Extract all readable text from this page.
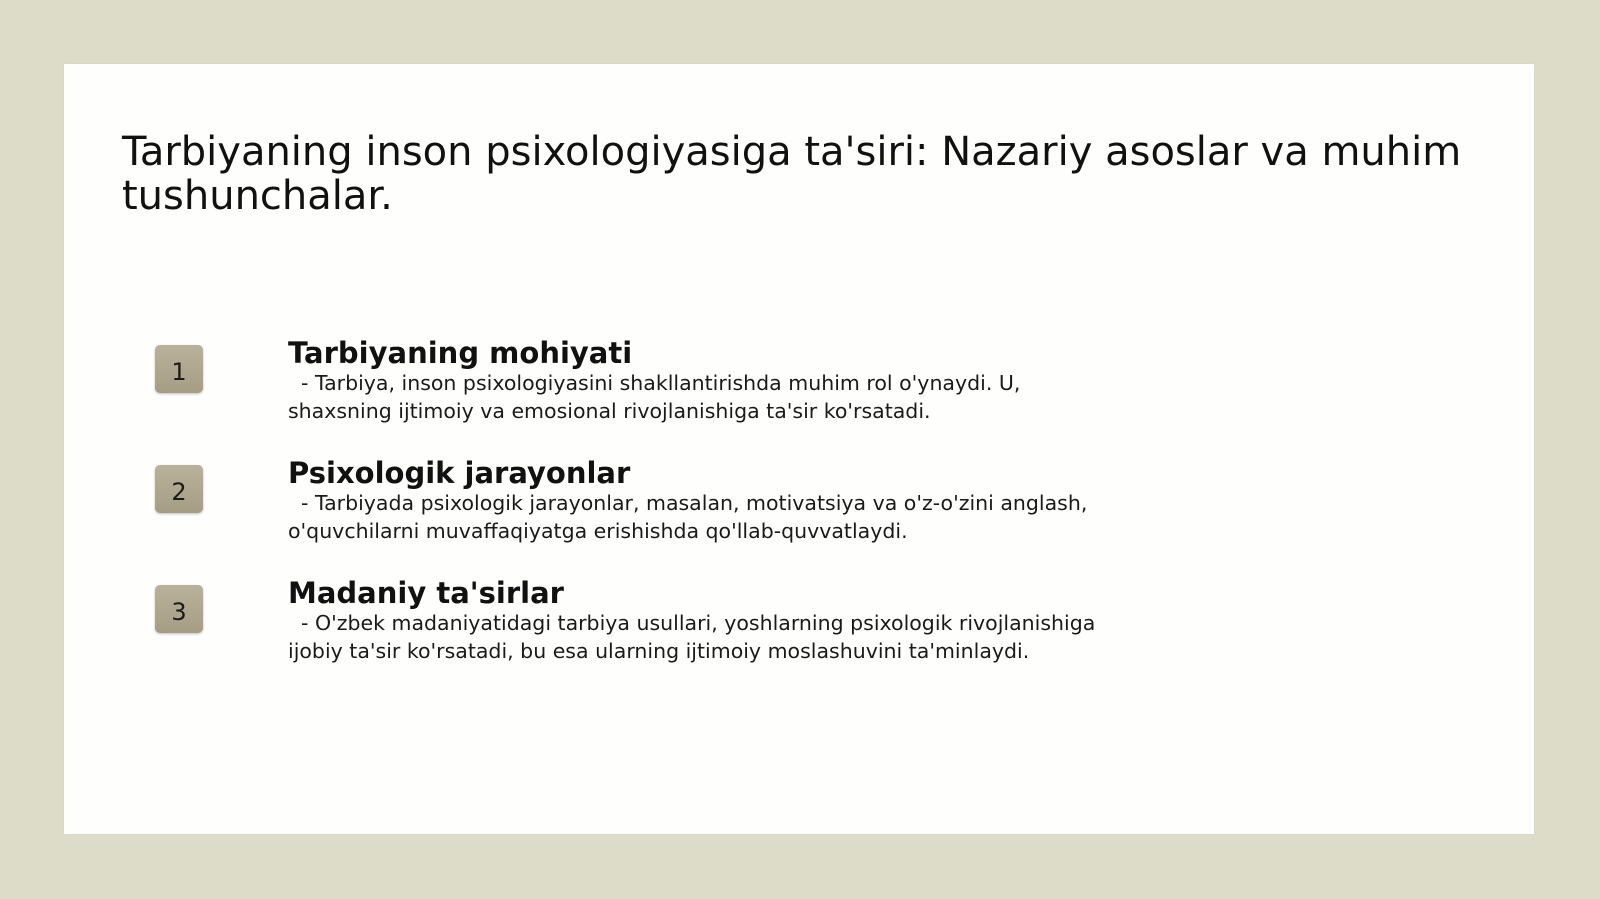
Tarbiyaning inson psixologiyasiga ta'siri: Nazariy asoslar va muhim tushunchalar.
1
Tarbiyaning mohiyati

- Tarbiya, inson psixologiyasini shakllantirishda muhim rol o'ynaydi. U, shaxsning ijtimoiy va emosional rivojlanishiga ta'sir ko'rsatadi.

2
Psixologik jarayonlar

- Tarbiyada psixologik jarayonlar, masalan, motivatsiya va o'z-o'zini anglash, o'quvchilarni muvaffaqiyatga erishishda qo'llab-quvvatlaydi.

3
Madaniy ta'sirlar

- O'zbek madaniyatidagi tarbiya usullari, yoshlarning psixologik rivojlanishiga ijobiy ta'sir ko'rsatadi, bu esa ularning ijtimoiy moslashuvini ta'minlaydi.
